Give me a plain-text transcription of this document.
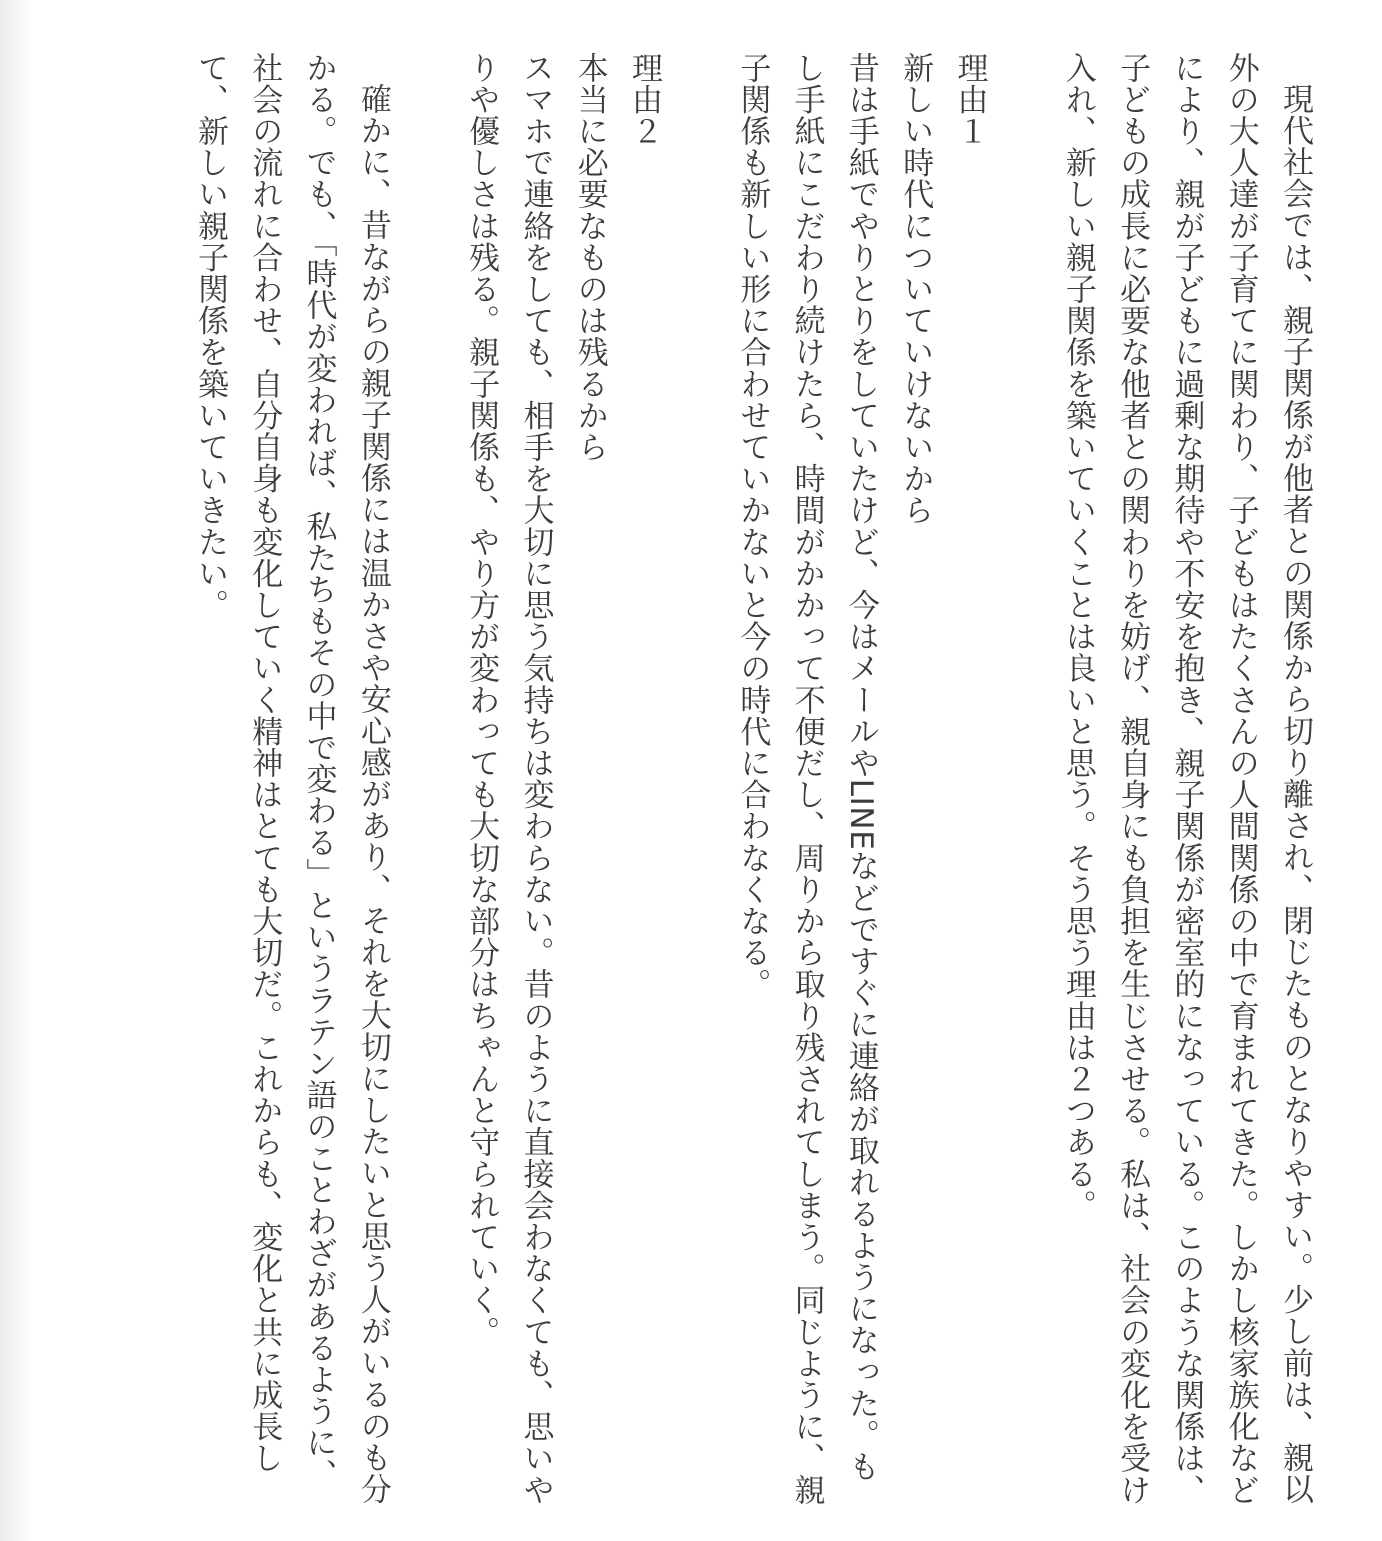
現代社会では、親子関係が他者との関係から切り離され、閉じたものとなりやすい。少し前は、親以外の大人達が子育てに関わり、子どもはたくさんの人間関係の中で育まれてきた。しかし核家族化などにより、親が子どもに過剰な期待や不安を抱き、親子関係が密室的になっている。このような関係は、子どもの成長に必要な他者との関わりを妨げ、親自身にも負担を生じさせる。私は、社会の変化を受け入れ、新しい親子関係を築いていくことは良いと思う。そう思う理由は２つある。

理由１

新しい時代についていけないから

昔は手紙でやりとりをしていたけど、今はメールやLINEなどですぐに連絡が取れるようになった。もし手紙にこだわり続けたら、時間がかかって不便だし、周りから取り残されてしまう。同じように、親子関係も新しい形に合わせていかないと今の時代に合わなくなる。

理由２

本当に必要なものは残るから

スマホで連絡をしても、相手を大切に思う気持ちは変わらない。昔のように直接会わなくても、思いやりや優しさは残る。親子関係も、やり方が変わっても大切な部分はちゃんと守られていく。

確かに、昔ながらの親子関係には温かさや安心感があり、それを大切にしたいと思う人がいるのも分かる。でも、「時代が変われば、私たちもその中で変わる」というラテン語のことわざがあるように、社会の流れに合わせ、自分自身も変化していく精神はとても大切だ。これからも、変化と共に成長して、新しい親子関係を築いていきたい。
